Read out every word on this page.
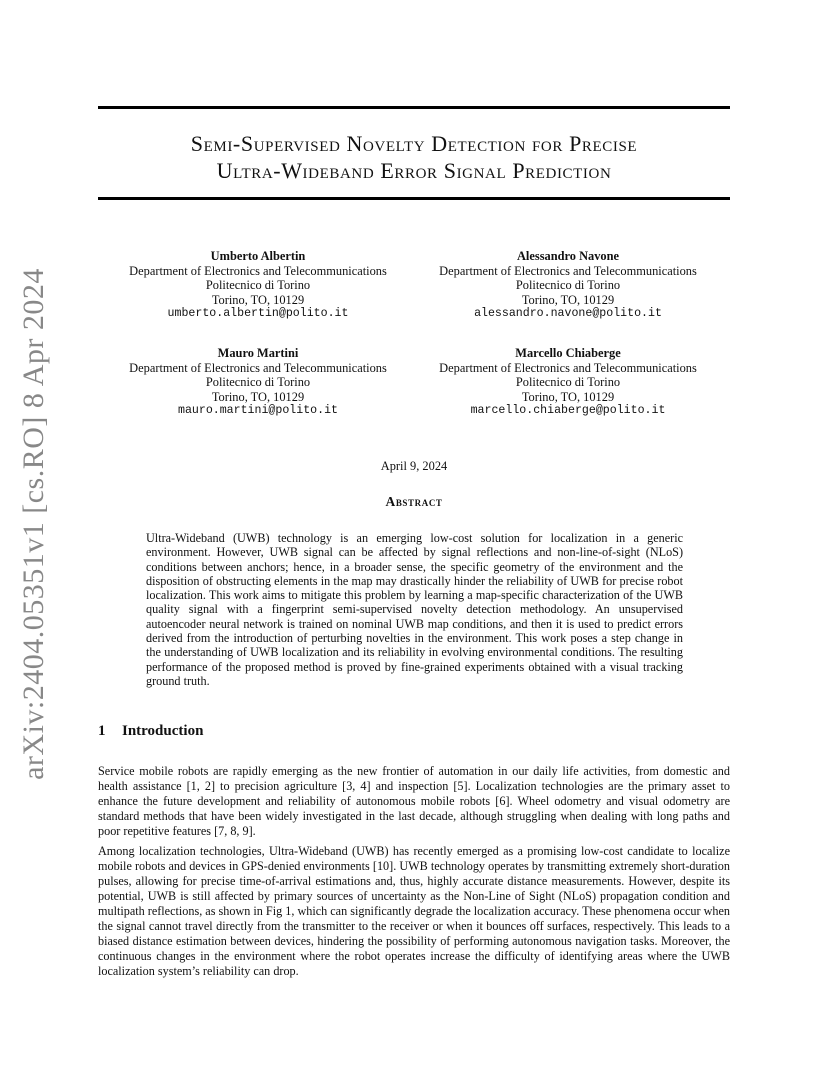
arXiv:2404.05351v1 [cs.RO] 8 Apr 2024
Semi-Supervised Novelty Detection for Precise
Ultra-Wideband Error Signal Prediction
Umberto Albertin
Department of Electronics and Telecommunications
Politecnico di Torino
Torino, TO, 10129
umberto.albertin@polito.it
Alessandro Navone
Department of Electronics and Telecommunications
Politecnico di Torino
Torino, TO, 10129
alessandro.navone@polito.it
Mauro Martini
Department of Electronics and Telecommunications
Politecnico di Torino
Torino, TO, 10129
mauro.martini@polito.it
Marcello Chiaberge
Department of Electronics and Telecommunications
Politecnico di Torino
Torino, TO, 10129
marcello.chiaberge@polito.it
April 9, 2024
Abstract

Ultra-Wideband (UWB) technology is an emerging low-cost solution for localization in a generic environment. However, UWB signal can be affected by signal reflections and non-line-of-sight (NLoS) conditions between anchors; hence, in a broader sense, the specific geometry of the environment and the disposition of obstructing elements in the map may drastically hinder the reliability of UWB for precise robot localization. This work aims to mitigate this problem by learning a map-specific characterization of the UWB quality signal with a fingerprint semi-supervised novelty detection methodology. An unsupervised autoencoder neural network is trained on nominal UWB map conditions, and then it is used to predict errors derived from the introduction of perturbing novelties in the environment. This work poses a step change in the understanding of UWB localization and its reliability in evolving environmental conditions. The resulting performance of the proposed method is proved by fine-grained experiments obtained with a visual tracking ground truth.

1 Introduction

Service mobile robots are rapidly emerging as the new frontier of automation in our daily life activities, from domestic and health assistance [1, 2] to precision agriculture [3, 4] and inspection [5]. Localization technologies are the primary asset to enhance the future development and reliability of autonomous mobile robots [6]. Wheel odometry and visual odometry are standard methods that have been widely investigated in the last decade, although struggling when dealing with long paths and poor repetitive features [7, 8, 9].

Among localization technologies, Ultra-Wideband (UWB) has recently emerged as a promising low-cost candidate to localize mobile robots and devices in GPS-denied environments [10]. UWB technology operates by transmitting extremely short-duration pulses, allowing for precise time-of-arrival estimations and, thus, highly accurate distance measurements. However, despite its potential, UWB is still affected by primary sources of uncertainty as the Non-Line of Sight (NLoS) propagation condition and multipath reflections, as shown in Fig 1, which can significantly degrade the localization accuracy. These phenomena occur when the signal cannot travel directly from the transmitter to the receiver or when it bounces off surfaces, respectively. This leads to a biased distance estimation between devices, hindering the possibility of performing autonomous navigation tasks. Moreover, the continuous changes in the environment where the robot operates increase the difficulty of identifying areas where the UWB localization system’s reliability can drop.
